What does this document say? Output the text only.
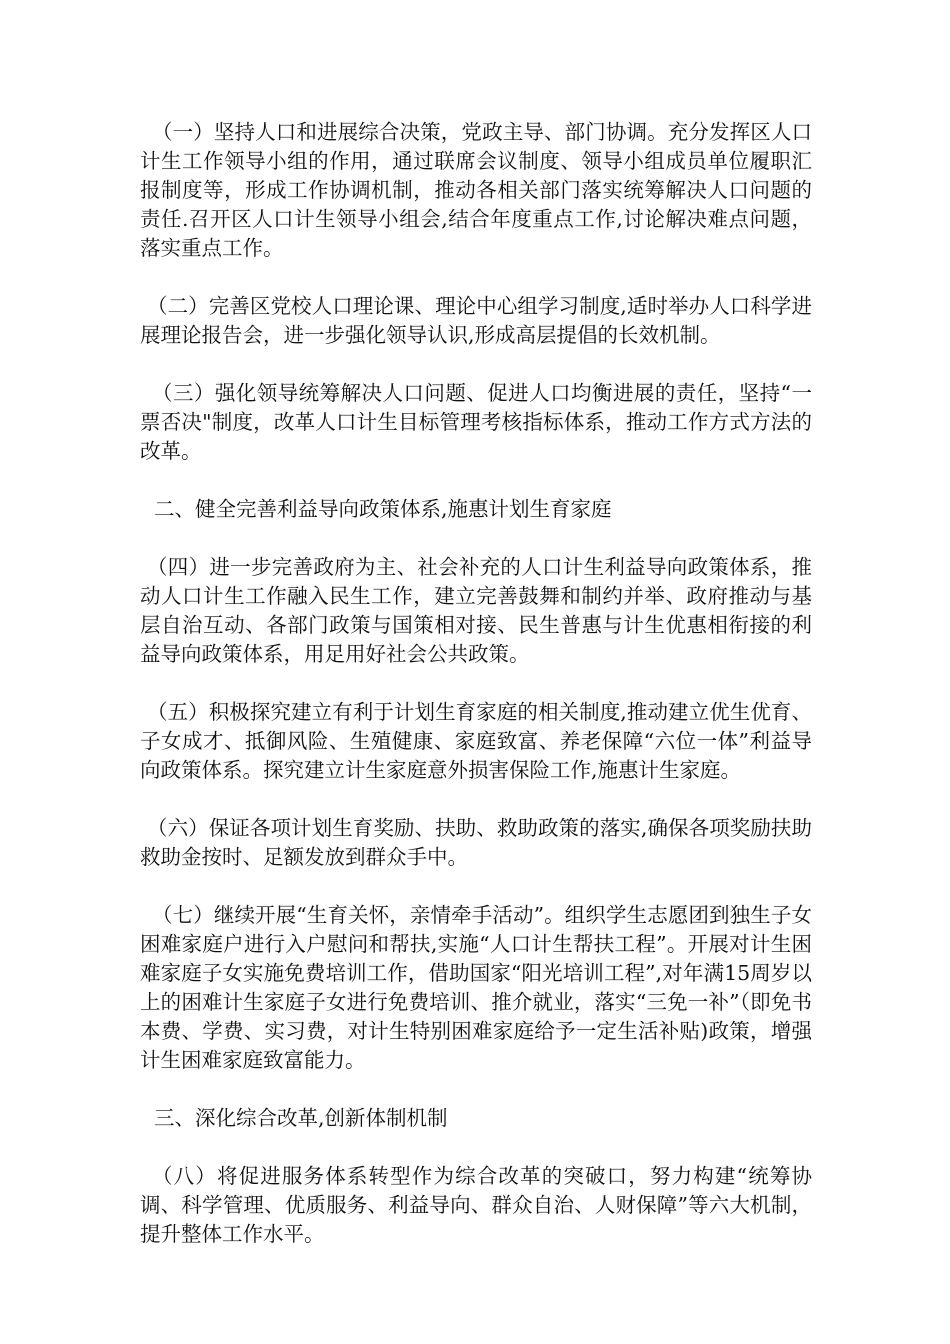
（一）坚持人口和进展综合决策，党政主导、部门协调。充分发挥区人口计生工作领导小组的作用，通过联席会议制度、领导小组成员单位履职汇报制度等，形成工作协调机制，推动各相关部门落实统筹解决人口问题的责任.召开区人口计生领导小组会,结合年度重点工作,讨论解决难点问题，落实重点工作。

（二）完善区党校人口理论课、理论中心组学习制度,适时举办人口科学进展理论报告会，进一步强化领导认识,形成高层提倡的长效机制。

（三）强化领导统筹解决人口问题、促进人口均衡进展的责任，坚持“一票否决"制度，改革人口计生目标管理考核指标体系，推动工作方式方法的改革。

二、健全完善利益导向政策体系,施惠计划生育家庭

（四）进一步完善政府为主、社会补充的人口计生利益导向政策体系，推动人口计生工作融入民生工作，建立完善鼓舞和制约并举、政府推动与基层自治互动、各部门政策与国策相对接、民生普惠与计生优惠相衔接的利益导向政策体系，用足用好社会公共政策。

（五）积极探究建立有利于计划生育家庭的相关制度,推动建立优生优育、子女成才、抵御风险、生殖健康、家庭致富、养老保障“六位一体”利益导向政策体系。探究建立计生家庭意外损害保险工作,施惠计生家庭。

（六）保证各项计划生育奖励、扶助、救助政策的落实,确保各项奖励扶助救助金按时、足额发放到群众手中。

（七）继续开展“生育关怀，亲情牵手活动”。组织学生志愿团到独生子女困难家庭户进行入户慰问和帮扶,实施“人口计生帮扶工程”。开展对计生困难家庭子女实施免费培训工作，借助国家“阳光培训工程”,对年满15周岁以上的困难计生家庭子女进行免费培训、推介就业，落实“三免一补”（即免书本费、学费、实习费，对计生特别困难家庭给予一定生活补贴)政策，增强计生困难家庭致富能力。

三、深化综合改革,创新体制机制

（八）将促进服务体系转型作为综合改革的突破口，努力构建“统筹协调、科学管理、优质服务、利益导向、群众自治、人财保障”等六大机制，提升整体工作水平。
